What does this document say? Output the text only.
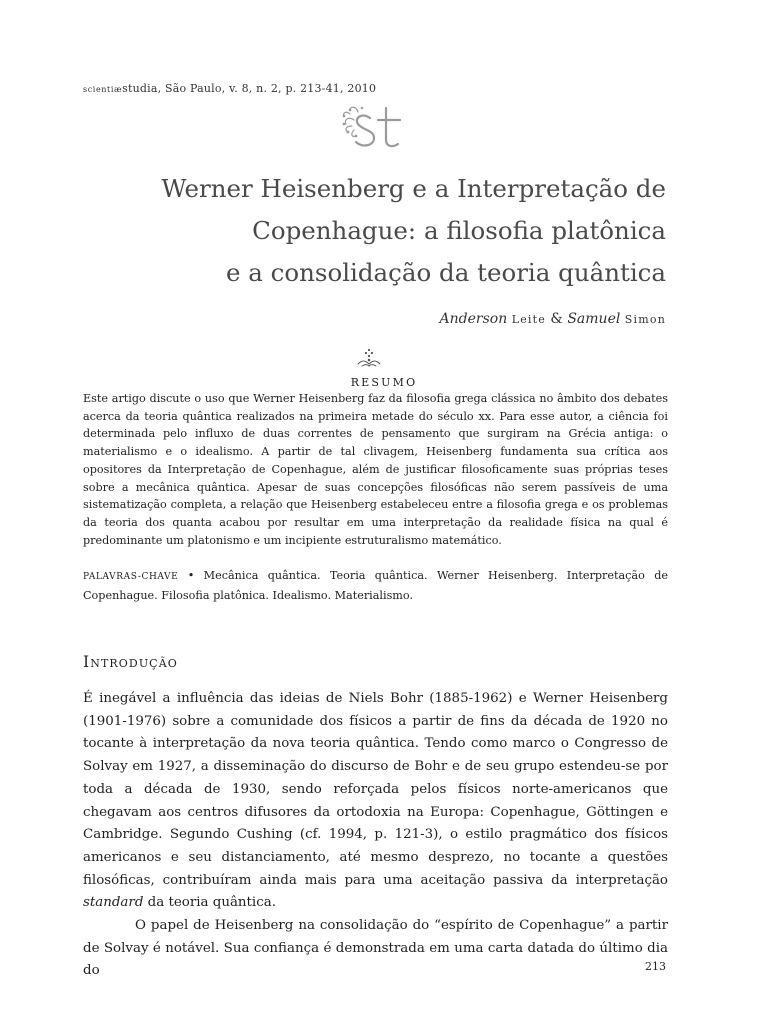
scientiæstudia, São Paulo, v. 8, n. 2, p. 213-41, 2010
Werner Heisenberg e a Interpretação de
Copenhague: a filosofia platônica
e a consolidação da teoria quântica
Anderson Leite & Samuel Simon
RESUMO

Este artigo discute o uso que Werner Heisenberg faz da filosofia grega clássica no âmbito dos debates acerca da teoria quântica realizados na primeira metade do século xx. Para esse autor, a ciência foi determinada pelo influxo de duas correntes de pensamento que surgiram na Grécia antiga: o materialismo e o idealismo. A partir de tal clivagem, Heisenberg fundamenta sua crítica aos opositores da Interpretação de Copenhague, além de justificar filosoficamente suas próprias teses sobre a mecânica quântica. Apesar de suas concepções filosóficas não serem passíveis de uma sistematização completa, a relação que Heisenberg estabeleceu entre a filosofia grega e os problemas da teoria dos quanta acabou por resultar em uma interpretação da realidade física na qual é predominante um platonismo e um incipiente estruturalismo matemático.

PALAVRAS-CHAVE • Mecânica quântica. Teoria quântica. Werner Heisenberg. Interpretação de Copenhague. Filosofia platônica. Idealismo. Materialismo.

INTRODUÇÃO

É inegável a influência das ideias de Niels Bohr (1885-1962) e Werner Heisenberg (1901-1976) sobre a comunidade dos físicos a partir de fins da década de 1920 no tocante à interpretação da nova teoria quântica. Tendo como marco o Congresso de Solvay em 1927, a disseminação do discurso de Bohr e de seu grupo estendeu-se por toda a década de 1930, sendo reforçada pelos físicos norte-americanos que chegavam aos centros difusores da ortodoxia na Europa: Copenhague, Göttingen e Cambridge. Segundo Cushing (cf. 1994, p. 121-3), o estilo pragmático dos físicos americanos e seu distanciamento, até mesmo desprezo, no tocante a questões filosóficas, contribuíram ainda mais para uma aceitação passiva da interpretação standard da teoria quântica.

O papel de Heisenberg na consolidação do “espírito de Copenhague” a partir de Solvay é notável. Sua confiança é demonstrada em uma carta datada do último dia do	213
